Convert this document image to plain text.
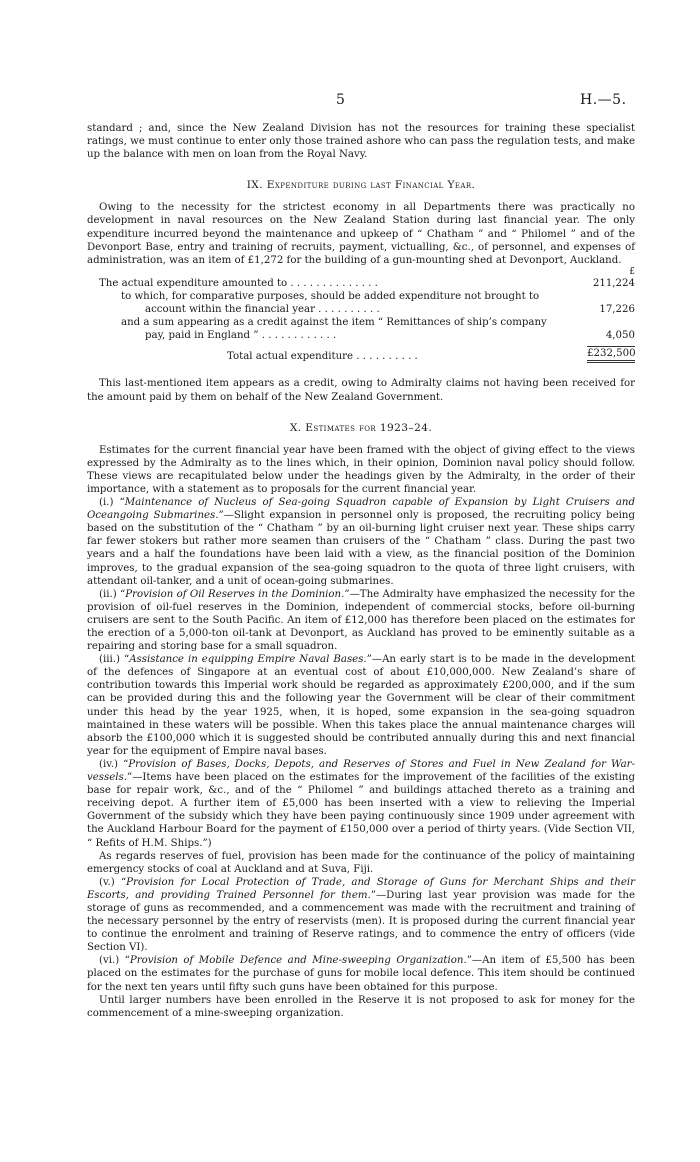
5	H.—5.

standard ; and, since the New Zealand Division has not the resources for training these specialist ratings, we must continue to enter only those trained ashore who can pass the regulation tests, and make up the balance with men on loan from the Royal Navy.

IX. Expenditure during last Financial Year.

Owing to the necessity for the strictest economy in all Departments there was practically no development in naval resources on the New Zealand Station during last financial year. The only expenditure incurred beyond the maintenance and upkeep of “ Chatham ” and “ Philomel ” and of the Devonport Base, entry and training of recruits, payment, victualling, &c., of personnel, and expenses of administration, was an item of £1,272 for the building of a gun-mounting shed at Devonport, Auckland.

£
The actual expenditure amounted to . . . . . . . . . . . . . .	211,224
to which, for comparative purposes, should be added expenditure not brought to
account within the financial year . . . . . . . . . .	17,226
and a sum appearing as a credit against the item “ Remittances of ship’s company
pay, paid in England ” . . . . . . . . . . . .	4,050
Total actual expenditure . . . . . . . . . .	£232,500

This last-mentioned item appears as a credit, owing to Admiralty claims not having been received for the amount paid by them on behalf of the New Zealand Government.

X. Estimates for 1923–24.

Estimates for the current financial year have been framed with the object of giving effect to the views expressed by the Admiralty as to the lines which, in their opinion, Dominion naval policy should follow. These views are recapitulated below under the headings given by the Admiralty, in the order of their importance, with a statement as to proposals for the current financial year.

(i.) “Maintenance of Nucleus of Sea-going Squadron capable of Expansion by Light Cruisers and Oceangoing Submarines.”—Slight expansion in personnel only is proposed, the recruiting policy being based on the substitution of the “ Chatham ” by an oil-burning light cruiser next year. These ships carry far fewer stokers but rather more seamen than cruisers of the “ Chatham ” class. During the past two years and a half the foundations have been laid with a view, as the financial position of the Dominion improves, to the gradual expansion of the sea-going squadron to the quota of three light cruisers, with attendant oil-tanker, and a unit of ocean-going submarines.

(ii.) “Provision of Oil Reserves in the Dominion.”—The Admiralty have emphasized the necessity for the provision of oil-fuel reserves in the Dominion, independent of commercial stocks, before oil-burning cruisers are sent to the South Pacific. An item of £12,000 has therefore been placed on the estimates for the erection of a 5,000-ton oil-tank at Devonport, as Auckland has proved to be eminently suitable as a repairing and storing base for a small squadron.

(iii.) “Assistance in equipping Empire Naval Bases.”—An early start is to be made in the development of the defences of Singapore at an eventual cost of about £10,000,000. New Zealand’s share of contribution towards this Imperial work should be regarded as approximately £200,000, and if the sum can be provided during this and the following year the Government will be clear of their commitment under this head by the year 1925, when, it is hoped, some expansion in the sea-going squadron maintained in these waters will be possible. When this takes place the annual maintenance charges will absorb the £100,000 which it is suggested should be contributed annually during this and next financial year for the equipment of Empire naval bases.

(iv.) “Provision of Bases, Docks, Depots, and Reserves of Stores and Fuel in New Zealand for War-vessels.”—Items have been placed on the estimates for the improvement of the facilities of the existing base for repair work, &c., and of the “ Philomel ” and buildings attached thereto as a training and receiving depot. A further item of £5,000 has been inserted with a view to relieving the Imperial Government of the subsidy which they have been paying continuously since 1909 under agreement with the Auckland Harbour Board for the payment of £150,000 over a period of thirty years. (Vide Section VII, “ Refits of H.M. Ships.”)

As regards reserves of fuel, provision has been made for the continuance of the policy of maintaining emergency stocks of coal at Auckland and at Suva, Fiji.

(v.) “Provision for Local Protection of Trade, and Storage of Guns for Merchant Ships and their Escorts, and providing Trained Personnel for them.”—During last year provision was made for the storage of guns as recommended, and a commencement was made with the recruitment and training of the necessary personnel by the entry of reservists (men). It is proposed during the current financial year to continue the enrolment and training of Reserve ratings, and to commence the entry of officers (vide Section VI).

(vi.) “Provision of Mobile Defence and Mine-sweeping Organization.”—An item of £5,500 has been placed on the estimates for the purchase of guns for mobile local defence. This item should be continued for the next ten years until fifty such guns have been obtained for this purpose.

Until larger numbers have been enrolled in the Reserve it is not proposed to ask for money for the commencement of a mine-sweeping organization.
